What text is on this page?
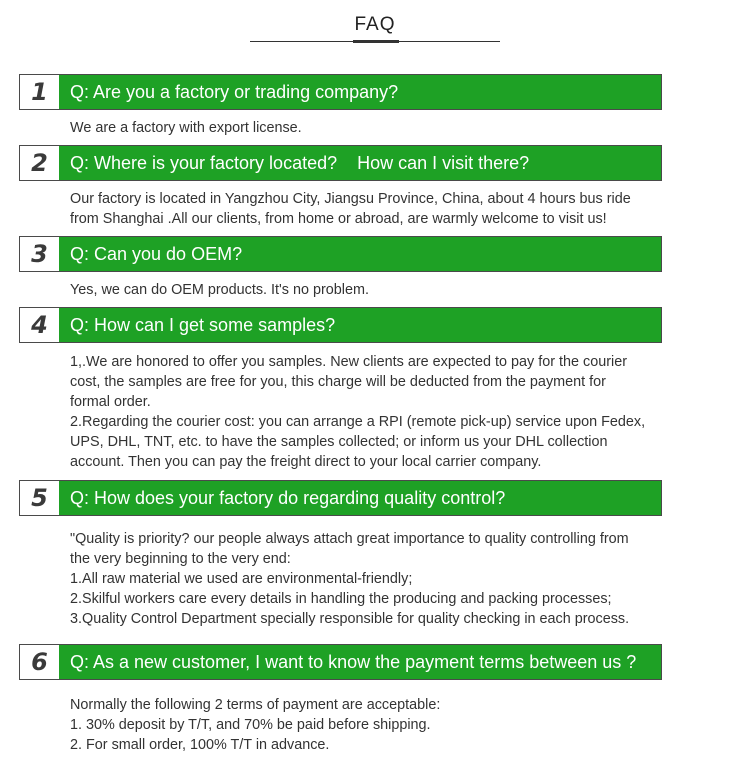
FAQ
1	Q: Are you a factory or trading company?
We are a factory with export license.
2	Q: Where is your factory located?    How can I visit there?
Our factory is located in Yangzhou City, Jiangsu Province, China, about 4 hours bus ride
from Shanghai .All our clients, from home or abroad, are warmly welcome to visit us!
3	Q: Can you do OEM?
Yes, we can do OEM products. It's no problem.
4	Q: How can I get some samples?
1,.We are honored to offer you samples. New clients are expected to pay for the courier
cost, the samples are free for you, this charge will be deducted from the payment for
formal order.
2.Regarding the courier cost: you can arrange a RPI (remote pick-up) service upon Fedex,
UPS, DHL, TNT, etc. to have the samples collected; or inform us your DHL collection
account. Then you can pay the freight direct to your local carrier company.
5	Q: How does your factory do regarding quality control?
"Quality is priority? our people always attach great importance to quality controlling from
the very beginning to the very end:
1.All raw material we used are environmental-friendly;
2.Skilful workers care every details in handling the producing and packing processes;
3.Quality Control Department specially responsible for quality checking in each process.
6	Q: As a new customer, I want to know the payment terms between us ?
Normally the following 2 terms of payment are acceptable:
1. 30% deposit by T/T, and 70% be paid before shipping.
2. For small order, 100% T/T in advance.
